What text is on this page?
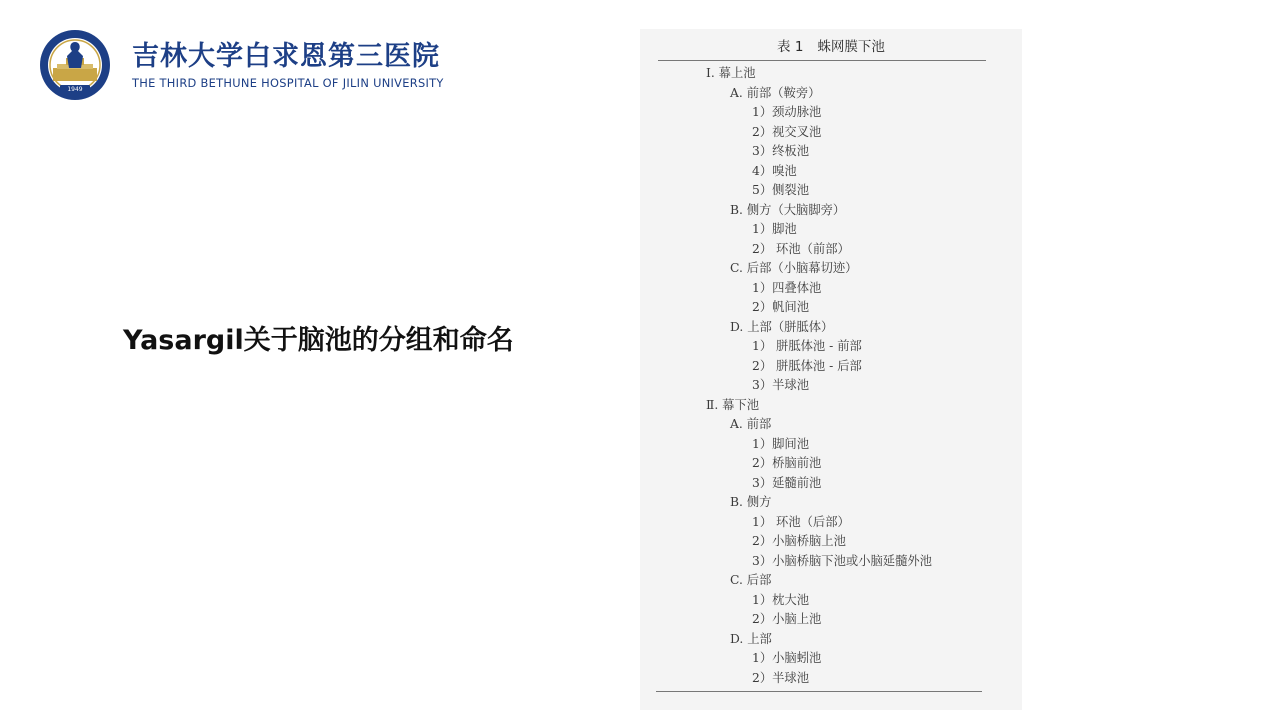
1949
吉林大学白求恩第三医院
THE THIRD BETHUNE HOSPITAL OF JILIN UNIVERSITY
Yasargil关于脑池的分组和命名
表 1 蛛网膜下池
Ⅰ. 幕上池
A. 前部（鞍旁）
1）颈动脉池
2）视交叉池
3）终板池
4）嗅池
5）侧裂池
B. 侧方（大脑脚旁）
1）脚池
2） 环池（前部）
C. 后部（小脑幕切迹）
1）四叠体池
2）帆间池
D. 上部（胼胝体）
1） 胼胝体池 - 前部
2） 胼胝体池 - 后部
3）半球池
Ⅱ. 幕下池
A. 前部
1）脚间池
2）桥脑前池
3）延髓前池
B. 侧方
1） 环池（后部）
2）小脑桥脑上池
3）小脑桥脑下池或小脑延髓外池
C. 后部
1）枕大池
2）小脑上池
D. 上部
1）小脑蚓池
2）半球池
